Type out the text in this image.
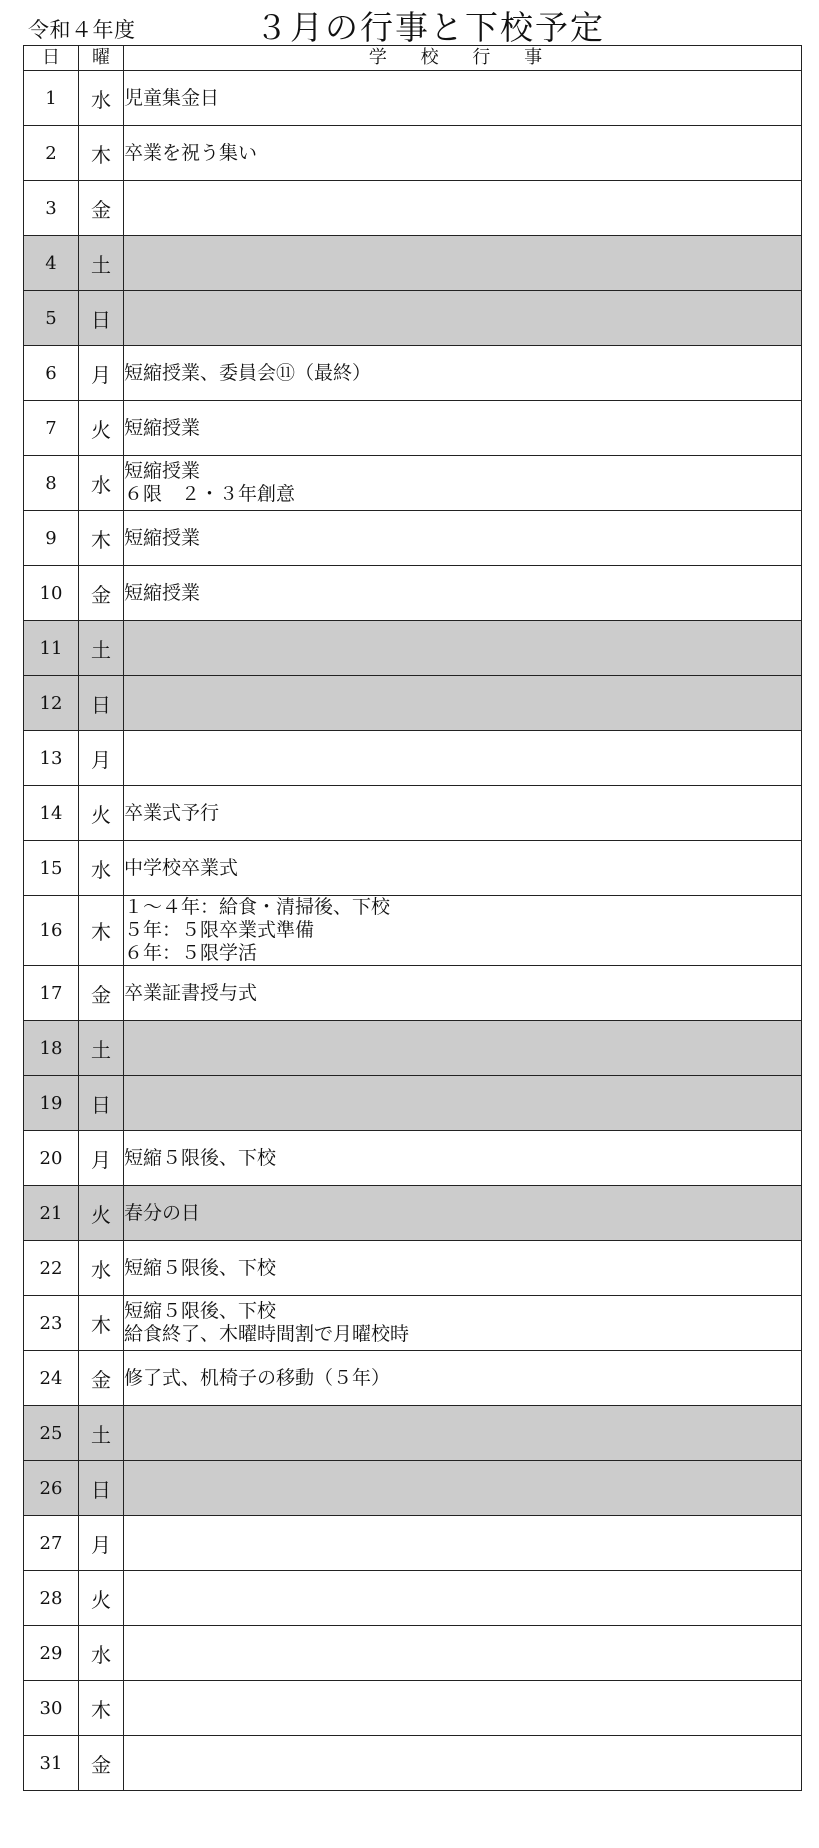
令和４年度	３月の行事と下校予定
日	曜	学 校 行 事
1	水	児童集金日
2	木	卒業を祝う集い
3	金	
4	土	
5	日	
6	月	短縮授業、委員会⑪（最終）
7	火	短縮授業
8	水	短縮授業
６限　２・３年創意
9	木	短縮授業
10	金	短縮授業
11	土	
12	日	
13	月	
14	火	卒業式予行
15	水	中学校卒業式
16	木	１～４年：給食・清掃後、下校
５年：５限卒業式準備
６年：５限学活
17	金	卒業証書授与式
18	土	
19	日	
20	月	短縮５限後、下校
21	火	春分の日
22	水	短縮５限後、下校
23	木	短縮５限後、下校
給食終了、木曜時間割で月曜校時
24	金	修了式、机椅子の移動（５年）
25	土	
26	日	
27	月	
28	火	
29	水	
30	木	
31	金	
